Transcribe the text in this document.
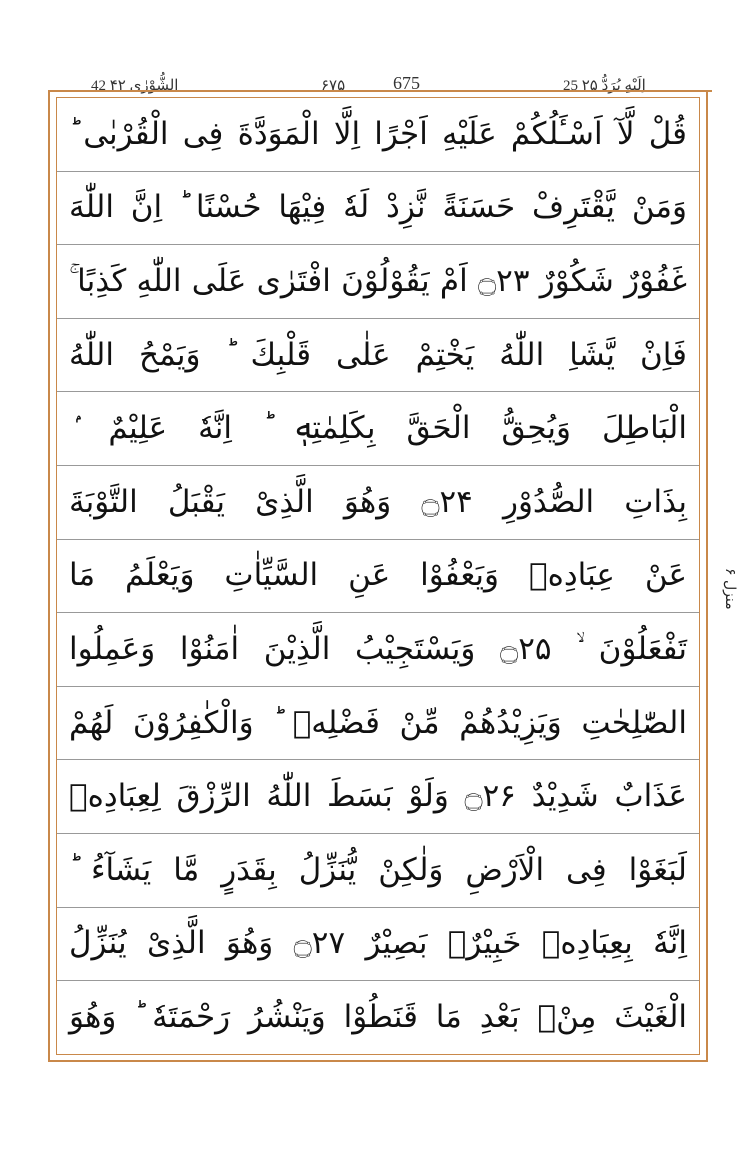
42 الشُّوْرٰى ۴۲	۶۷۵	675	25 اِلَيْهِ يُرَدُّ ۲۵
قُلْ لَّآ اَسْـَٔلُكُمْ عَلَيْهِ اَجْرًا اِلَّا الْمَوَدَّةَ فِى الْقُرْبٰى ؕ
وَمَنْ يَّقْتَرِفْ حَسَنَةً نَّزِدْ لَهٗ فِيْهَا حُسْنًا ؕ اِنَّ اللّٰهَ
غَفُوْرٌ شَكُوْرٌ ۝۲۳ اَمْ يَقُوْلُوْنَ افْتَرٰى عَلَى اللّٰهِ كَذِبًا ۚ
فَاِنْ يَّشَاِ اللّٰهُ يَخْتِمْ عَلٰى قَلْبِكَ ؕ وَيَمْحُ اللّٰهُ
الْبَاطِلَ وَيُحِقُّ الْحَقَّ بِكَلِمٰتِهٖ ؕ اِنَّهٗ عَلِيْمٌ ۢ
بِذَاتِ الصُّدُوْرِ ۝۲۴ وَهُوَ الَّذِىْ يَقْبَلُ التَّوْبَةَ
عَنْ عِبَادِهٖ وَيَعْفُوْا عَنِ السَّيِّاٰتِ وَيَعْلَمُ مَا
تَفْعَلُوْنَ ۙ ۝۲۵ وَيَسْتَجِيْبُ الَّذِيْنَ اٰمَنُوْا وَعَمِلُوا
الصّٰلِحٰتِ وَيَزِيْدُهُمْ مِّنْ فَضْلِهٖ ؕ وَالْكٰفِرُوْنَ لَهُمْ
عَذَابٌ شَدِيْدٌ ۝۲۶ وَلَوْ بَسَطَ اللّٰهُ الرِّزْقَ لِعِبَادِهٖ
لَبَغَوْا فِى الْاَرْضِ وَلٰكِنْ يُّنَزِّلُ بِقَدَرٍ مَّا يَشَآءُ ؕ
اِنَّهٗ بِعِبَادِهٖ خَبِيْرٌۢ بَصِيْرٌ ۝۲۷ وَهُوَ الَّذِىْ يُنَزِّلُ
الْغَيْثَ مِنْۢ بَعْدِ مَا قَنَطُوْا وَيَنْشُرُ رَحْمَتَهٗ ؕ وَهُوَ
منزل ۶
